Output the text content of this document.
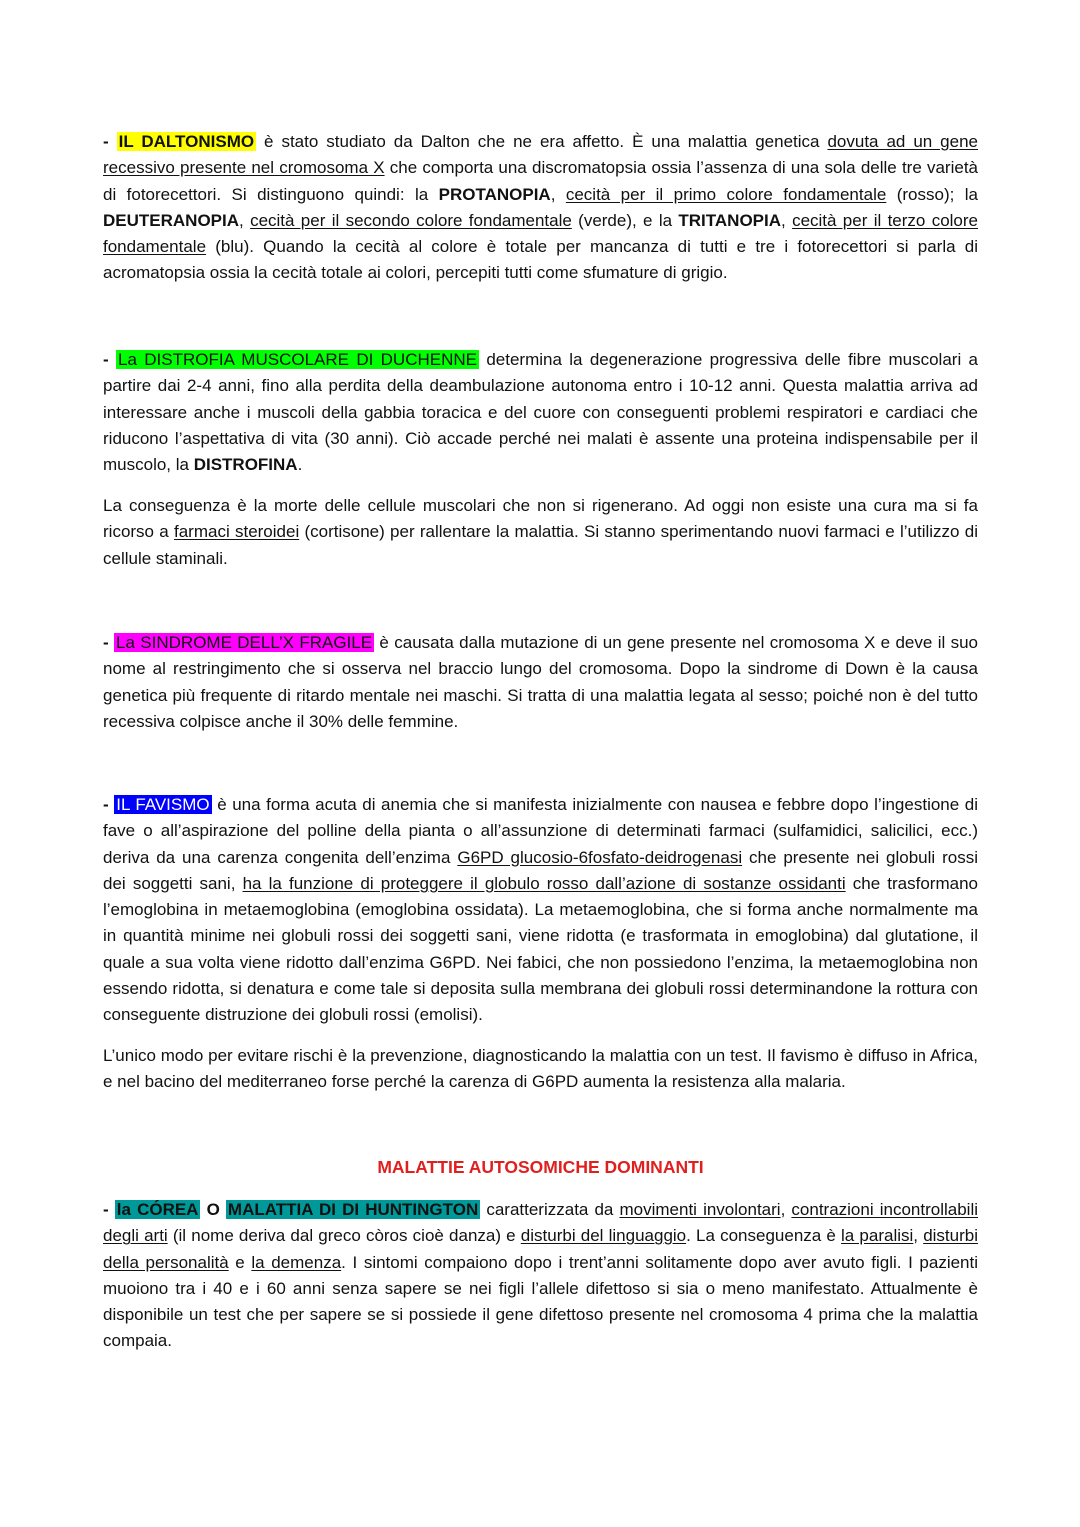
- IL DALTONISMO è stato studiato da Dalton che ne era affetto. È una malattia genetica dovuta ad un gene recessivo presente nel cromosoma X che comporta una discromatopsia ossia l’assenza di una sola delle tre varietà di fotorecettori. Si distinguono quindi: la PROTANOPIA, cecità per il primo colore fondamentale (rosso); la DEUTERANOPIA, cecità per il secondo colore fondamentale (verde), e la TRITANOPIA, cecità per il terzo colore fondamentale (blu). Quando la cecità al colore è totale per mancanza di tutti e tre i fotorecettori si parla di acromatopsia ossia la cecità totale ai colori, percepiti tutti come sfumature di grigio.

- La DISTROFIA MUSCOLARE DI DUCHENNE determina la degenerazione progressiva delle fibre muscolari a partire dai 2-4 anni, fino alla perdita della deambulazione autonoma entro i 10-12 anni. Questa malattia arriva ad interessare anche i muscoli della gabbia toracica e del cuore con conseguenti problemi respiratori e cardiaci che riducono l’aspettativa di vita (30 anni). Ciò accade perché nei malati è assente una proteina indispensabile per il muscolo, la DISTROFINA.

La conseguenza è la morte delle cellule muscolari che non si rigenerano. Ad oggi non esiste una cura ma si fa ricorso a farmaci steroidei (cortisone) per rallentare la malattia. Si stanno sperimentando nuovi farmaci e l’utilizzo di cellule staminali.

- La SINDROME DELL’X FRAGILE è causata dalla mutazione di un gene presente nel cromosoma X e deve il suo nome al restringimento che si osserva nel braccio lungo del cromosoma. Dopo la sindrome di Down è la causa genetica più frequente di ritardo mentale nei maschi. Si tratta di una malattia legata al sesso; poiché non è del tutto recessiva colpisce anche il 30% delle femmine.

- IL FAVISMO è una forma acuta di anemia che si manifesta inizialmente con nausea e febbre dopo l’ingestione di fave o all’aspirazione del polline della pianta o all’assunzione di determinati farmaci (sulfamidici, salicilici, ecc.) deriva da una carenza congenita dell’enzima G6PD glucosio-6fosfato-deidrogenasi che presente nei globuli rossi dei soggetti sani, ha la funzione di proteggere il globulo rosso dall’azione di sostanze ossidanti che trasformano l’emoglobina in metaemoglobina (emoglobina ossidata). La metaemoglobina, che si forma anche normalmente ma in quantità minime nei globuli rossi dei soggetti sani, viene ridotta (e trasformata in emoglobina) dal glutatione, il quale a sua volta viene ridotto dall’enzima G6PD. Nei fabici, che non possiedono l’enzima, la metaemoglobina non essendo ridotta, si denatura e come tale si deposita sulla membrana dei globuli rossi determinandone la rottura con conseguente distruzione dei globuli rossi (emolisi).

L’unico modo per evitare rischi è la prevenzione, diagnosticando la malattia con un test. Il favismo è diffuso in Africa, e nel bacino del mediterraneo forse perché la carenza di G6PD aumenta la resistenza alla malaria.

MALATTIE AUTOSOMICHE DOMINANTI

- la CÓREA O MALATTIA DI DI HUNTINGTON caratterizzata da movimenti involontari, contrazioni incontrollabili degli arti (il nome deriva dal greco còros cioè danza) e disturbi del linguaggio. La conseguenza è la paralisi, disturbi della personalità e la demenza. I sintomi compaiono dopo i trent’anni solitamente dopo aver avuto figli. I pazienti muoiono tra i 40 e i 60 anni senza sapere se nei figli l’allele difettoso si sia o meno manifestato. Attualmente è disponibile un test che per sapere se si possiede il gene difettoso presente nel cromosoma 4 prima che la malattia compaia.
